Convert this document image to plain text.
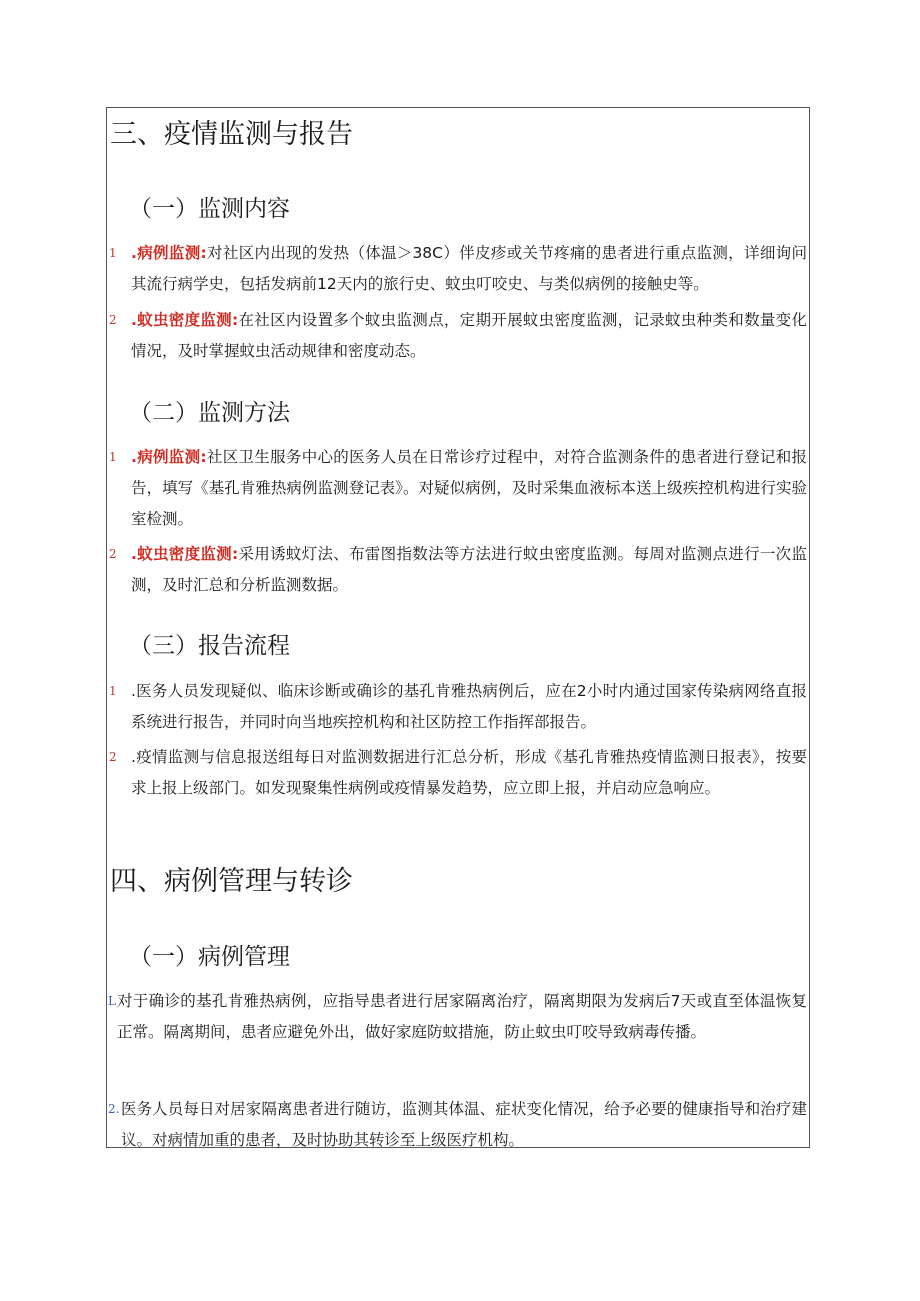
三、疫情监测与报告
（一）监测内容
1 .病例监测:对社区内出现的发热（体温＞38C）伴皮疹或关节疼痛的患者进行重点监测，详细询问其流行病学史，包括发病前12天内的旅行史、蚊虫叮咬史、与类似病例的接触史等。
2 .蚊虫密度监测:在社区内设置多个蚊虫监测点，定期开展蚊虫密度监测，记录蚊虫种类和数量变化情况，及时掌握蚊虫活动规律和密度动态。
（二）监测方法
1 .病例监测:社区卫生服务中心的医务人员在日常诊疗过程中，对符合监测条件的患者进行登记和报告，填写《基孔肯雅热病例监测登记表》。对疑似病例，及时采集血液标本送上级疾控机构进行实验室检测。
2 .蚊虫密度监测:采用诱蚊灯法、布雷图指数法等方法进行蚊虫密度监测。每周对监测点进行一次监测，及时汇总和分析监测数据。
（三）报告流程
1 .医务人员发现疑似、临床诊断或确诊的基孔肯雅热病例后，应在2小时内通过国家传染病网络直报系统进行报告，并同时向当地疾控机构和社区防控工作指挥部报告。
2 .疫情监测与信息报送组每日对监测数据进行汇总分析，形成《基孔肯雅热疫情监测日报表》，按要求上报上级部门。如发现聚集性病例或疫情暴发趋势，应立即上报，并启动应急响应。
四、病例管理与转诊
（一）病例管理
L 对于确诊的基孔肯雅热病例，应指导患者进行居家隔离治疗，隔离期限为发病后7天或直至体温恢复正常。隔离期间，患者应避免外出，做好家庭防蚊措施，防止蚊虫叮咬导致病毒传播。
2. 医务人员每日对居家隔离患者进行随访，监测其体温、症状变化情况，给予必要的健康指导和治疗建议。对病情加重的患者，及时协助其转诊至上级医疗机构。
